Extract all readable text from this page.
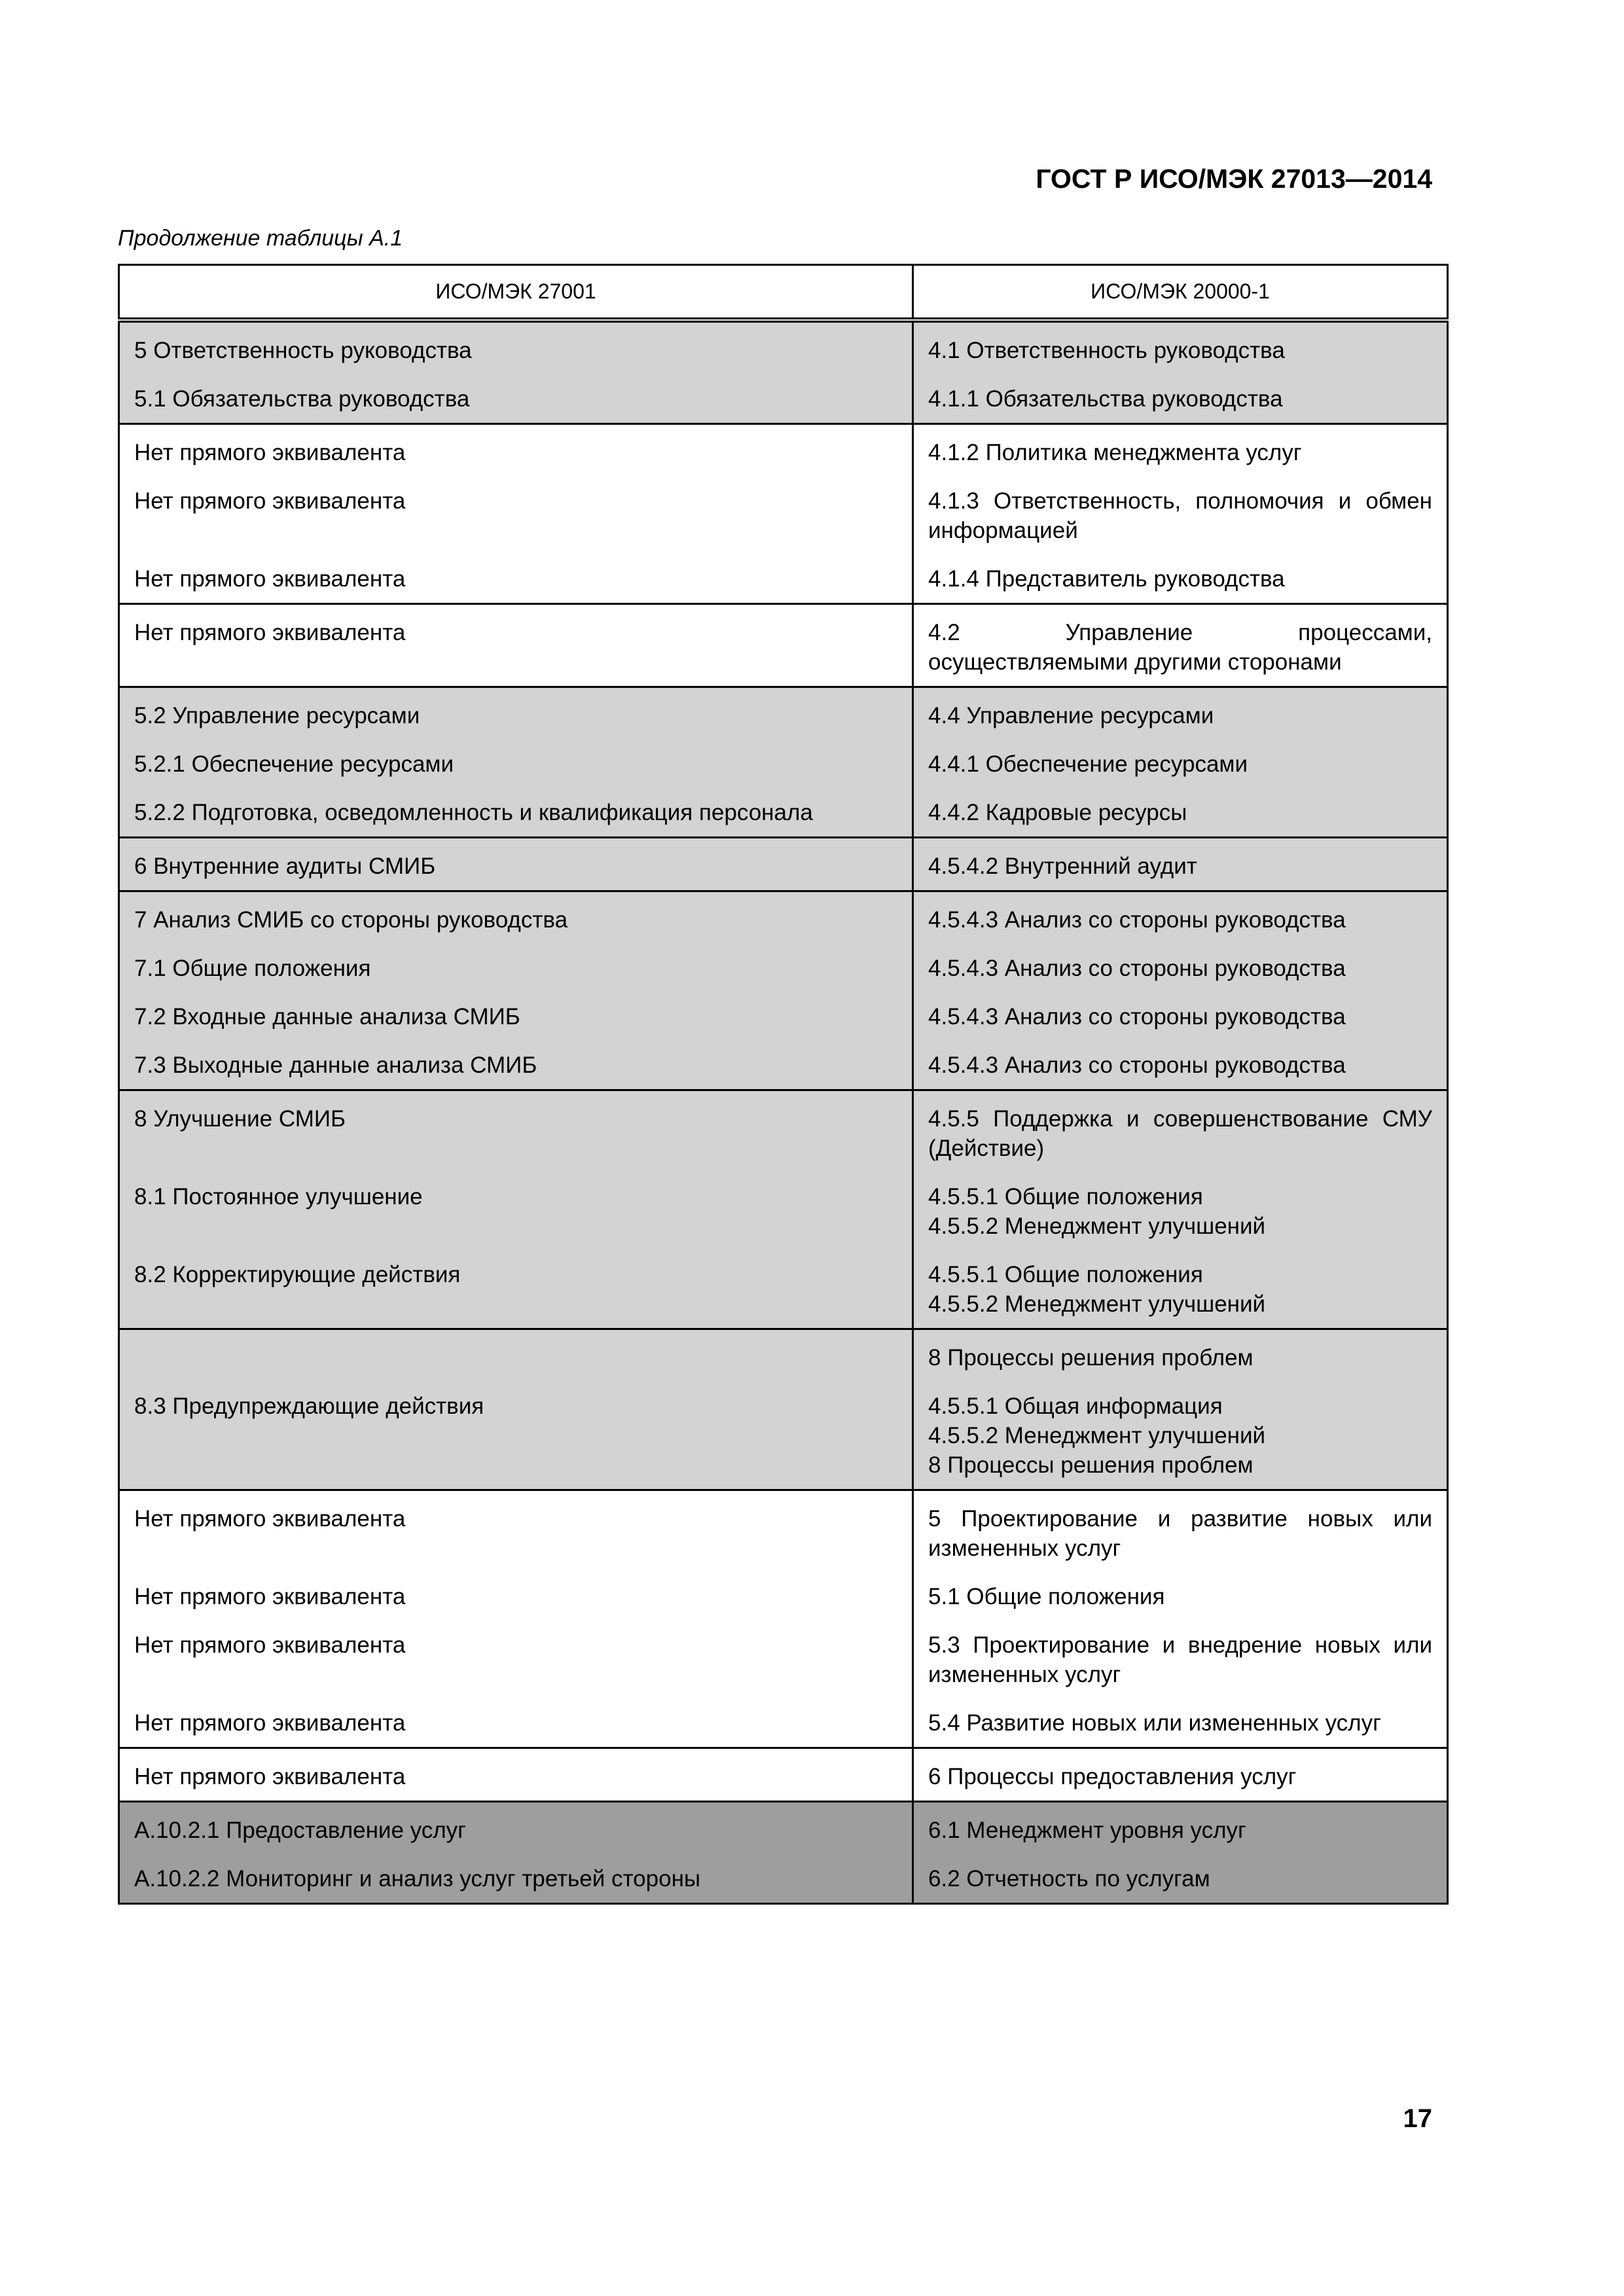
ГОСТ Р ИСО/МЭК 27013—2014
Продолжение таблицы А.1
ИСО/МЭК 27001	ИСО/МЭК 20000-1
5 Ответственность руководства	4.1 Ответственность руководства

5.1 Обязательства руководства	4.1.1 Обязательства руководства

Нет прямого эквивалента	4.1.2 Политика менеджмента услуг

Нет прямого эквивалента	4.1.3 Ответственность, полномочия и обмен информацией

Нет прямого эквивалента	4.1.4 Представитель руководства

Нет прямого эквивалента	4.2 Управление процессами, осуществляемыми другими сторонами

5.2 Управление ресурсами	4.4 Управление ресурсами

5.2.1 Обеспечение ресурсами	4.4.1 Обеспечение ресурсами

5.2.2 Подготовка, осведомленность и квалификация персонала	4.4.2 Кадровые ресурсы

6 Внутренние аудиты СМИБ	4.5.4.2 Внутренний аудит

7 Анализ СМИБ со стороны руководства	4.5.4.3 Анализ со стороны руководства

7.1 Общие положения	4.5.4.3 Анализ со стороны руководства

7.2 Входные данные анализа СМИБ	4.5.4.3 Анализ со стороны руководства

7.3 Выходные данные анализа СМИБ	4.5.4.3 Анализ со стороны руководства

8 Улучшение СМИБ	4.5.5 Поддержка и совершенствование СМУ (Действие)

8.1 Постоянное улучшение	4.5.5.1 Общие положения
4.5.5.2 Менеджмент улучшений

8.2 Корректирующие действия	4.5.5.1 Общие положения
4.5.5.2 Менеджмент улучшений

	8 Процессы решения проблем

8.3 Предупреждающие действия	4.5.5.1 Общая информация
4.5.5.2 Менеджмент улучшений
8 Процессы решения проблем

Нет прямого эквивалента	5 Проектирование и развитие новых или измененных услуг

Нет прямого эквивалента	5.1 Общие положения

Нет прямого эквивалента	5.3 Проектирование и внедрение новых или измененных услуг

Нет прямого эквивалента	5.4 Развитие новых или измененных услуг

Нет прямого эквивалента	6 Процессы предоставления услуг

А.10.2.1 Предоставление услуг	6.1 Менеджмент уровня услуг

А.10.2.2 Мониторинг и анализ услуг третьей стороны	6.2 Отчетность по услугам
17
